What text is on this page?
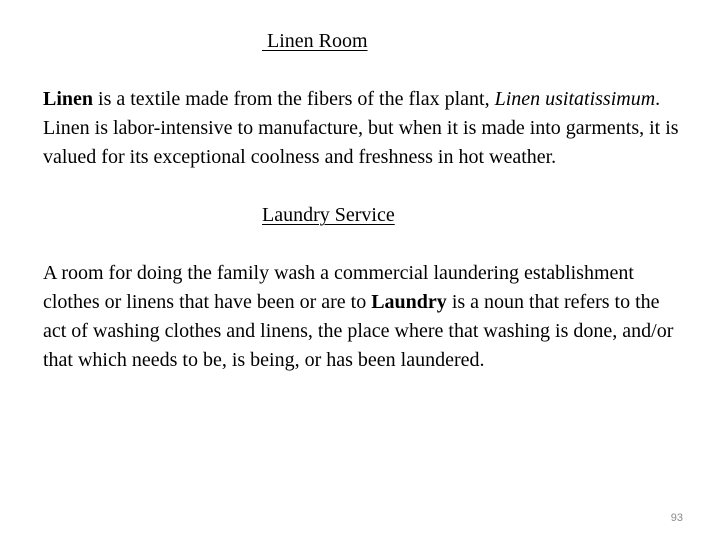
Linen Room

Linen is a textile made from the fibers of the flax plant, Linen usitatissimum. Linen is labor-intensive to manufacture, but when it is made into garments, it is valued for its exceptional coolness and freshness in hot weather.

Laundry Service

A room for doing the family wash a commercial laundering establishment clothes or linens that have been or are to Laundry is a noun that refers to the act of washing clothes and linens, the place where that washing is done, and/or that which needs to be, is being, or has been laundered.

93
